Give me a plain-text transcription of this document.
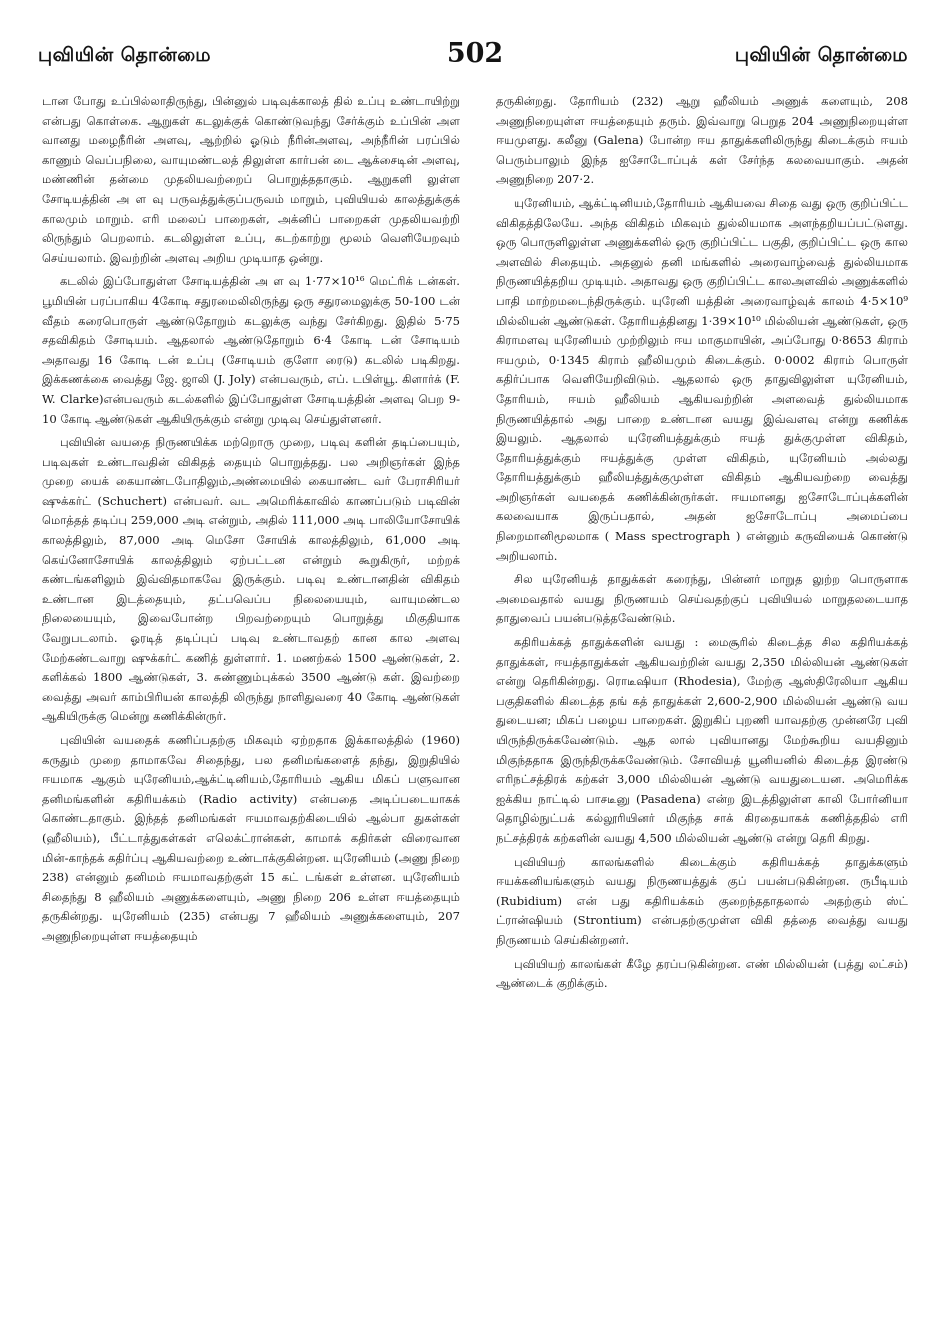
புவியின் தொன்மை	502	புவியின் தொன்மை

டான போது உப்பில்லாதிருந்து, பின்னுல் படிவுக்காலத் தில் உப்பு உண்டாயிற்று என்பது கொள்கை. ஆறுகள் கடலுக்குக் கொண்டுவந்து சேர்க்கும் உப்பின் அள வானது மழைநீரின் அளவு, ஆற்றில் ஓடும் நீரின்அளவு, அந்நீரின் பரப்பில் காணும் வெப்பநிலை, வாயுமண்டலத் திலுள்ள கார்பன் டை ஆக்சைடின் அளவு, மண்ணின் தன்மை முதலியவற்றைப் பொறுத்ததாகும். ஆறுகளி லுள்ள சோடியத்தின் அ ள வு பருவத்துக்குப்பருவம் மாறும், புவியியல் காலத்துக்குக் காலமும் மாறும். எரி மலைப் பாறைகள், அக்னிப் பாறைகள் முதலியவற்றி லிருந்தும் பெறலாம். கடலிலுள்ள உப்பு, கடற்காற்று மூலம் வெளியேறவும் செய்யலாம். இவற்றின் அளவு அறிய முடியாத ஒன்று.

கடலில் இப்போதுள்ள சோடியத்தின் அ ள வு 1·77×10¹⁶ மெட்ரிக் டன்கள். பூமியின் பரப்பாகிய 4கோடி சதுரமைலிலிருந்து ஒரு சதுரமைலுக்கு 50-100 டன் வீதம் கரைபொருள் ஆண்டுதோறும் கடலுக்கு வந்து சேர்கிறது. இதில் 5·75 சதவிகிதம் சோடியம். ஆதலால் ஆண்டுதோறும் 6·4 கோடி டன் சோடியம் அதாவது 16 கோடி டன் உப்பு (சோடியம் குளோ ரைடு) கடலில் படிகிறது. இக்கணக்கை வைத்து ஜே. ஜாலி (J. Joly) என்பவரும், எப். டபிள்யூ. கிளார்க் (F. W. Clarke)என்பவரும் கடல்களில் இப்போதுள்ள சோடியத்தின் அளவு பெற 9-10 கோடி ஆண்டுகள் ஆகியிருக்கும் என்று முடிவு செய்துள்ளனர்.

புவியின் வயதை நிருணயிக்க மற்றொரு முறை, படிவு களின் தடிப்பையும், படிவுகள் உண்டாவதின் விகிதத் தையும் பொறுத்தது. பல அறிஞர்கள் இந்த முறை யைக் கையாண்டபோதிலும்,அண்மையில் கையாண்ட வர் பேராசிரியர் ஷுக்கர்ட் (Schuchert) என்பவர். வட அமெரிக்காவில் காணப்படும் படிவின் மொத்தத் தடிப்பு 259,000 அடி என்றும், அதில் 111,000 அடி பாலியோசோயிக் காலத்திலும், 87,000 அடி மெசோ சோயிக் காலத்திலும், 61,000 அடி கெய்னோசோயிக் காலத்திலும் ஏற்பட்டன என்றும் கூறுகிருர், மற்றக் கண்டங்களிலும் இவ்விதமாகவே இருக்கும். படிவு உண்டானதின் விகிதம் உண்டான இடத்தையும், தட்பவெப்ப நிலையையும், வாயுமண்டல நிலையையும், இவைபோன்ற பிறவற்றையும் பொறுத்து மிகுதியாக வேறுபடலாம். ஓரடித் தடிப்புப் படிவு உண்டாவதற் கான கால அளவு மேற்கண்டவாறு ஷுக்கர்ட் கணித் துள்ளார். 1. மணற்கல் 1500 ஆண்டுகள், 2. களிக்கல் 1800 ஆண்டுகள், 3. சுண்ணும்புக்கல் 3500 ஆண்டு கள். இவற்றை வைத்து அவர் காம்பிரியன் காலத்தி லிருந்து நாளிதுவரை 40 கோடி ஆண்டுகள் ஆகியிருக்கு மென்று கணிக்கின்ருர்.

புவியின் வயதைக் கணிப்பதற்கு மிகவும் ஏற்றதாக இக்காலத்தில் (1960) கருதும் முறை தாமாகவே சிதைந்து, பல தனிமங்களைத் தந்து, இறுதியில் ஈயமாக ஆகும் யுரேனியம்,ஆக்ட்டினியம்,தோரியம் ஆகிய மிகப் பளுவான தனிமங்களின் கதிரியக்கம் (Radio activity) என்பதை அடிப்படையாகக் கொண்டதாகும். இந்தத் தனிமங்கள் ஈயமாவதற்கிடையில் ஆல்பா துகள்கள் (ஹீலியம்), பீட்டாத்துகள்கள் எலெக்ட்ரான்கள், காமாக் கதிர்கள் விரைவான மின்-காந்தக் கதிர்ப்பு ஆகியவற்றை உண்டாக்குகின்றன. யுரேனியம் (அணு நிறை 238) என்னும் தனிமம் ஈயமாவதற்குள் 15 கட் டங்கள் உள்ளன. யுரேனியம் சிதைந்து 8 ஹீலியம் அணுக்களையும், அணு நிறை 206 உள்ள ஈயத்தையும் தருகின்றது. யுரேனியம் (235) என்பது 7 ஹீலியம் அணுக்களையும், 207 அணுநிறையுள்ள ஈயத்தையும்

தருகின்றது. தோரியம் (232) ஆறு ஹீலியம் அணுக் களையும், 208 அணுநிறையுள்ள ஈயத்தையும் தரும். இவ்வாறு பெறுத 204 அணுநிறையுள்ள ஈயமுளது. கலீனு (Galena) போன்ற ஈய தாதுக்களிலிருந்து கிடைக்கும் ஈயம் பெரும்பாலும் இந்த ஐசோடோப்புக் கள் சேர்ந்த கலவையாகும். அதன் அணுநிறை 207·2.

யுரேனியம், ஆக்ட்டினியம்,தோரியம் ஆகியவை சிதை வது ஒரு குறிப்பிட்ட விகிதத்திலேயே. அந்த விகிதம் மிகவும் துல்லியமாக அளந்தறியப்பட்டுளது. ஒரு பொருளிலுள்ள அணுக்களில் ஒரு குறிப்பிட்ட பகுதி, குறிப்பிட்ட ஒரு கால அளவில் சிதையும். அதனுல் தனி மங்களில் அரைவாழ்வைத் துல்லியமாக நிருணயித்தறிய முடியும். அதாவது ஒரு குறிப்பிட்ட காலஅளவில் அணுக்களில் பாதி மாற்றமடைந்திருக்கும். யுரேனி யத்தின் அரைவாழ்வுக் காலம் 4·5×10⁹ மில்லியன் ஆண்டுகள். தோரியத்தினது 1·39×10¹⁰ மில்லியன் ஆண்டுகள், ஒரு கிராமளவு யுரேனியம் முற்றிலும் ஈய மாகுமாயின், அப்போது 0·8653 கிராம் ஈயமும், 0·1345 கிராம் ஹீலியமும் கிடைக்கும். 0·0002 கிராம் பொருள் கதிர்ப்பாக வெளியேறிவிடும். ஆதலால் ஒரு தாதுவிலுள்ள யுரேனியம், தோரியம், ஈயம் ஹீலியம் ஆகியவற்றின் அளவைத் துல்லியமாக நிருணயித்தால் அது பாறை உண்டான வயது இவ்வளவு என்று கணிக்க இயலும். ஆதலால் யுரேனியத்துக்கும் ஈயத் துக்குமுள்ள விகிதம், தோரியத்துக்கும் ஈயத்துக்கு முள்ள விகிதம், யுரேனியம் அல்லது தோரியத்துக்கும் ஹீலியத்துக்குமுள்ள விகிதம் ஆகியவற்றை வைத்து அறிஞர்கள் வயதைக் கணிக்கின்ருர்கள். ஈயமானது ஐசோடோப்புக்களின் கலவையாக இருப்பதால், அதன் ஐசோடோப்பு அமைப்பை நிறைமானிமூலமாக ( Mass spectrograph ) என்னும் கருவியைக் கொண்டு அறியலாம்.

சில யுரேனியத் தாதுக்கள் கரைந்து, பின்னர் மாறுத லுற்ற பொருளாக அமைவதால் வயது நிருணயம் செய்வதற்குப் புவியியல் மாறுதலடையாத தாதுவைப் பயன்படுத்தவேண்டும்.

கதிரியக்கத் தாதுக்களின் வயது : மைசூரில் கிடைத்த சில கதிரியக்கத் தாதுக்கள், ஈயத்தாதுக்கள் ஆகியவற்றின் வயது 2,350 மில்லியன் ஆண்டுகள் என்று தெரிகின்றது. ரொடீஷியா (Rhodesia), மேற்கு ஆஸ்திரேலியா ஆகிய பகுதிகளில் கிடைத்த தங் கத் தாதுக்கள் 2,600-2,900 மில்லியன் ஆண்டு வய துடையன; மிகப் பழைய பாறைகள். இறுகிப் புறணி யாவதற்கு முன்னரே புவி யிருந்திருக்கவேண்டும். ஆத லால் புவியானது மேற்கூறிய வயதினும் மிகுந்ததாக இருந்திருக்கவேண்டும். சோவியத் யூனியனில் கிடைத்த இரண்டு எரிநட்சத்திரக் கற்கள் 3,000 மில்லியன் ஆண்டு வயதுடையன. அமெரிக்க ஐக்கிய நாட்டில் பாசடீனு (Pasadena) என்ற இடத்திலுள்ள காலி போர்னியா தொழில்நுட்பக் கல்லூரியினர் மிகுந்த சாக் கிரதையாகக் கணித்ததில் எரி நட்சத்திரக் கற்களின் வயது 4,500 மில்லியன் ஆண்டு என்று தெரி கிறது.

புவியியற் காலங்களில் கிடைக்கும் கதிரியக்கத் தாதுக்களும் ஈயக்கனியங்களும் வயது நிருணயத்துக் குப் பயன்படுகின்றன. ருபீடியம் (Rubidium) என் பது கதிரியக்கம் குறைந்ததாதலால் அதற்கும் ஸ்ட் ட்ரான்ஷியம் (Strontium) என்பதற்குமுள்ள விகி தத்தை வைத்து வயது நிருணயம் செய்கின்றனர்.

புவியியற் காலங்கள் கீழே தரப்படுகின்றன. எண் மில்லியன் (பத்து லட்சம்) ஆண்டைக் குறிக்கும்.
